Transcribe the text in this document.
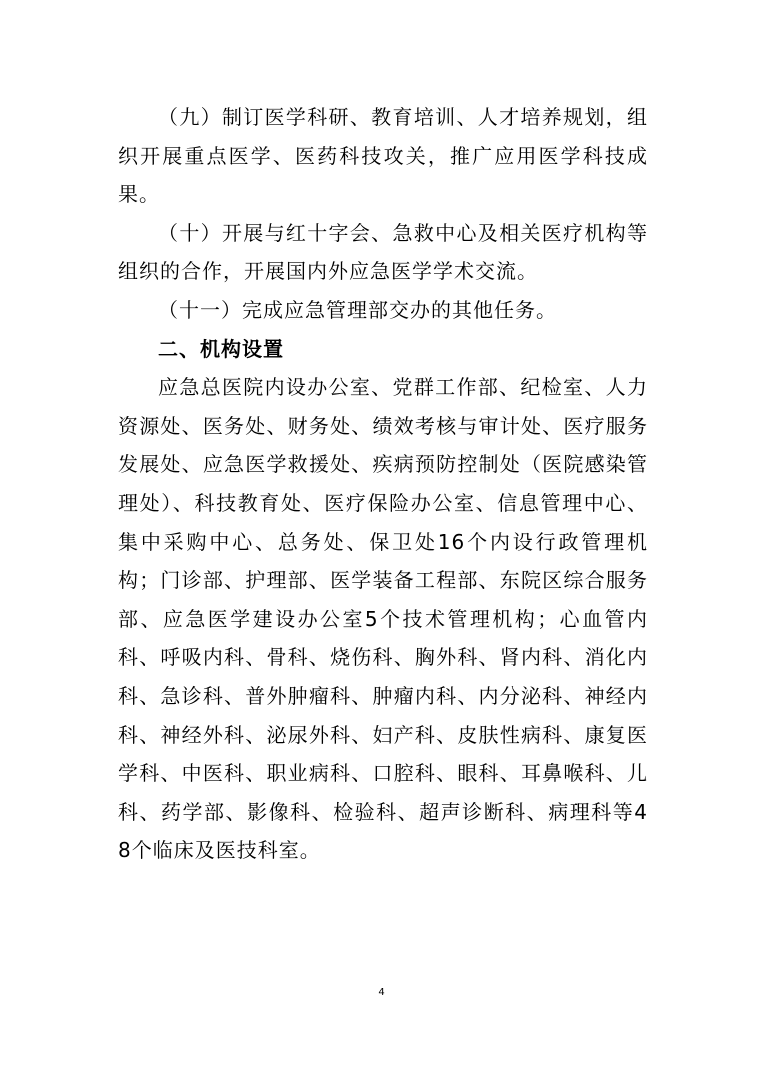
（九）制订医学科研、教育培训、人才培养规划，组织开展重点医学、医药科技攻关，推广应用医学科技成果。

（十）开展与红十字会、急救中心及相关医疗机构等组织的合作，开展国内外应急医学学术交流。

（十一）完成应急管理部交办的其他任务。

二、机构设置

应急总医院内设办公室、党群工作部、纪检室、人力资源处、医务处、财务处、绩效考核与审计处、医疗服务发展处、应急医学救援处、疾病预防控制处（医院感染管理处）、科技教育处、医疗保险办公室、信息管理中心、集中采购中心、总务处、保卫处16个内设行政管理机构；门诊部、护理部、医学装备工程部、东院区综合服务部、应急医学建设办公室5个技术管理机构；心血管内科、呼吸内科、骨科、烧伤科、胸外科、肾内科、消化内科、急诊科、普外肿瘤科、肿瘤内科、内分泌科、神经内科、神经外科、泌尿外科、妇产科、皮肤性病科、康复医学科、中医科、职业病科、口腔科、眼科、耳鼻喉科、儿科、药学部、影像科、检验科、超声诊断科、病理科等48个临床及医技科室。

4
